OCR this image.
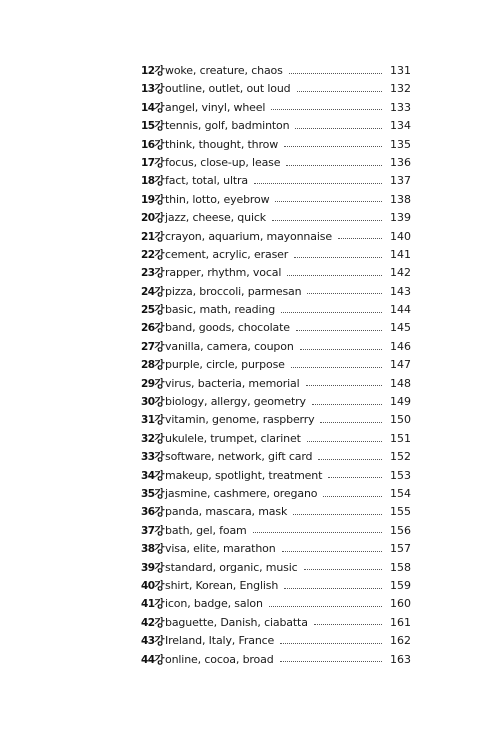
12강 woke, creature, chaos	131
13강 outline, outlet, out loud	132
14강 angel, vinyl, wheel	133
15강 tennis, golf, badminton	134
16강 think, thought, throw	135
17강 focus, close-up, lease	136
18강 fact, total, ultra	137
19강 thin, lotto, eyebrow	138
20강 jazz, cheese, quick	139
21강 crayon, aquarium, mayonnaise	140
22강 cement, acrylic, eraser	141
23강 rapper, rhythm, vocal	142
24강 pizza, broccoli, parmesan	143
25강 basic, math, reading	144
26강 band, goods, chocolate	145
27강 vanilla, camera, coupon	146
28강 purple, circle, purpose	147
29강 virus, bacteria, memorial	148
30강 biology, allergy, geometry	149
31강 vitamin, genome, raspberry	150
32강 ukulele, trumpet, clarinet	151
33강 software, network, gift card	152
34강 makeup, spotlight, treatment	153
35강 jasmine, cashmere, oregano	154
36강 panda, mascara, mask	155
37강 bath, gel, foam	156
38강 visa, elite, marathon	157
39강 standard, organic, music	158
40강 shirt, Korean, English	159
41강 icon, badge, salon	160
42강 baguette, Danish, ciabatta	161
43강 Ireland, Italy, France	162
44강 online, cocoa, broad	163
